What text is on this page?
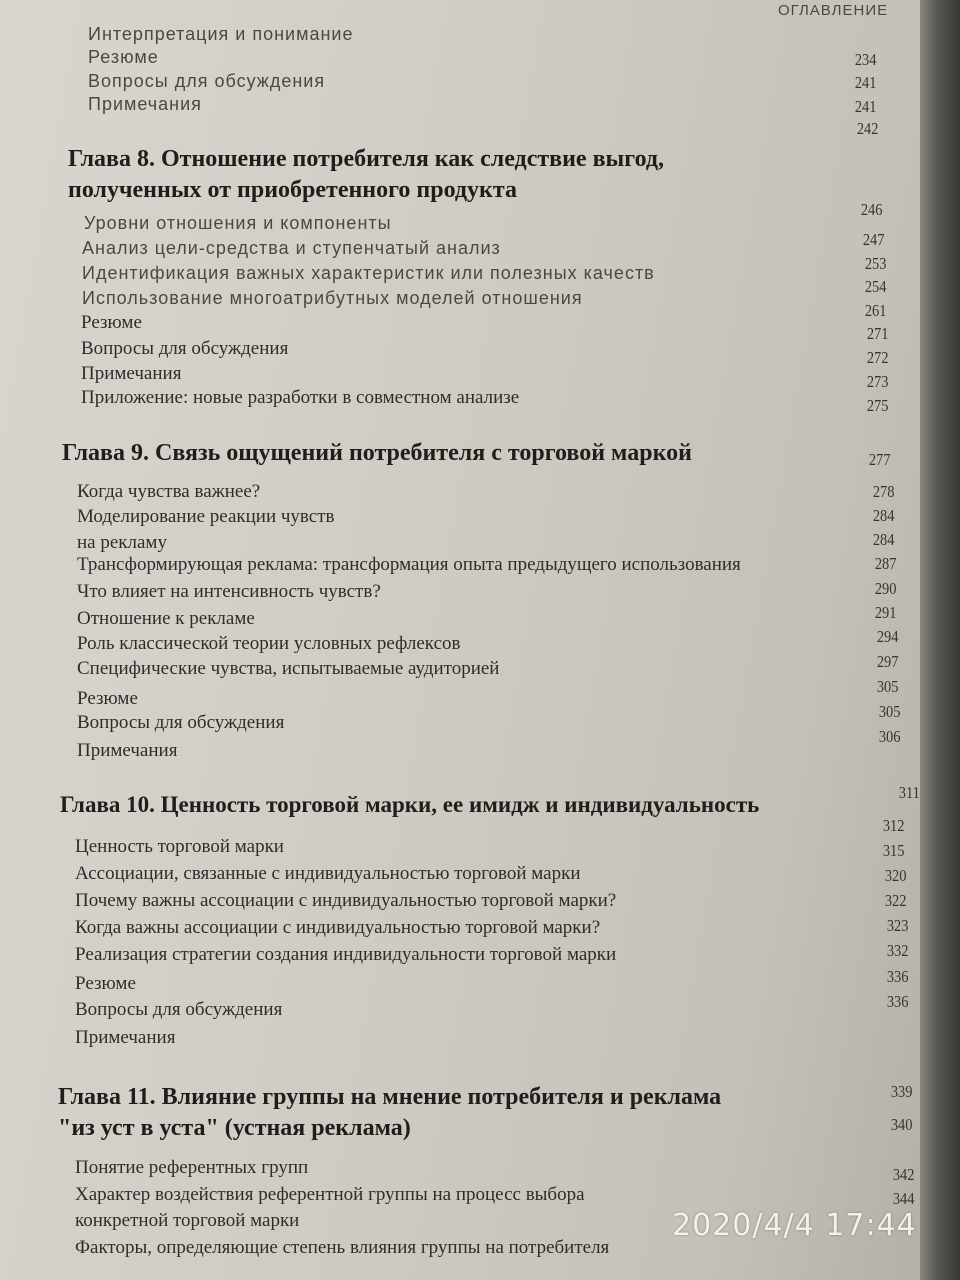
ОГЛАВЛЕНИЕ
Интерпретация и понимание
Резюме
Вопросы для обсуждения
Примечания
234
241
241
242
Глава 8. Отношение потребителя как следствие выгод,
полученных от приобретенного продукта
246
Уровни отношения и компоненты
Анализ цели-средства и ступенчатый анализ
Идентификация важных характеристик или полезных качеств
Использование многоатрибутных моделей отношения
Резюме
Вопросы для обсуждения
Примечания
Приложение: новые разработки в совместном анализе
247
253
254
261
271
272
273
275
Глава 9. Связь ощущений потребителя с торговой маркой	277
Когда чувства важнее?
Моделирование реакции чувств
на рекламу
Трансформирующая реклама: трансформация опыта предыдущего использования
Что влияет на интенсивность чувств?
Отношение к рекламе
Роль классической теории условных рефлексов
Специфические чувства, испытываемые аудиторией
Резюме
Вопросы для обсуждения
Примечания
278
284
284
287
290
291
294
297
305
305
306
Глава 10. Ценность торговой марки, ее имидж и индивидуальность	311
Ценность торговой марки
Ассоциации, связанные с индивидуальностью торговой марки
Почему важны ассоциации с индивидуальностью торговой марки?
Когда важны ассоциации с индивидуальностью торговой марки?
Реализация стратегии создания индивидуальности торговой марки
Резюме
Вопросы для обсуждения
Примечания
312
315
320
322
323
332
336
336
Глава 11. Влияние группы на мнение потребителя и реклама
"из уст в уста" (устная реклама)
339
Понятие референтных групп
Характер воздействия референтной группы на процесс выбора
конкретной торговой марки
Факторы, определяющие степень влияния группы на потребителя
340
342
344
2020/4/4 17:44
